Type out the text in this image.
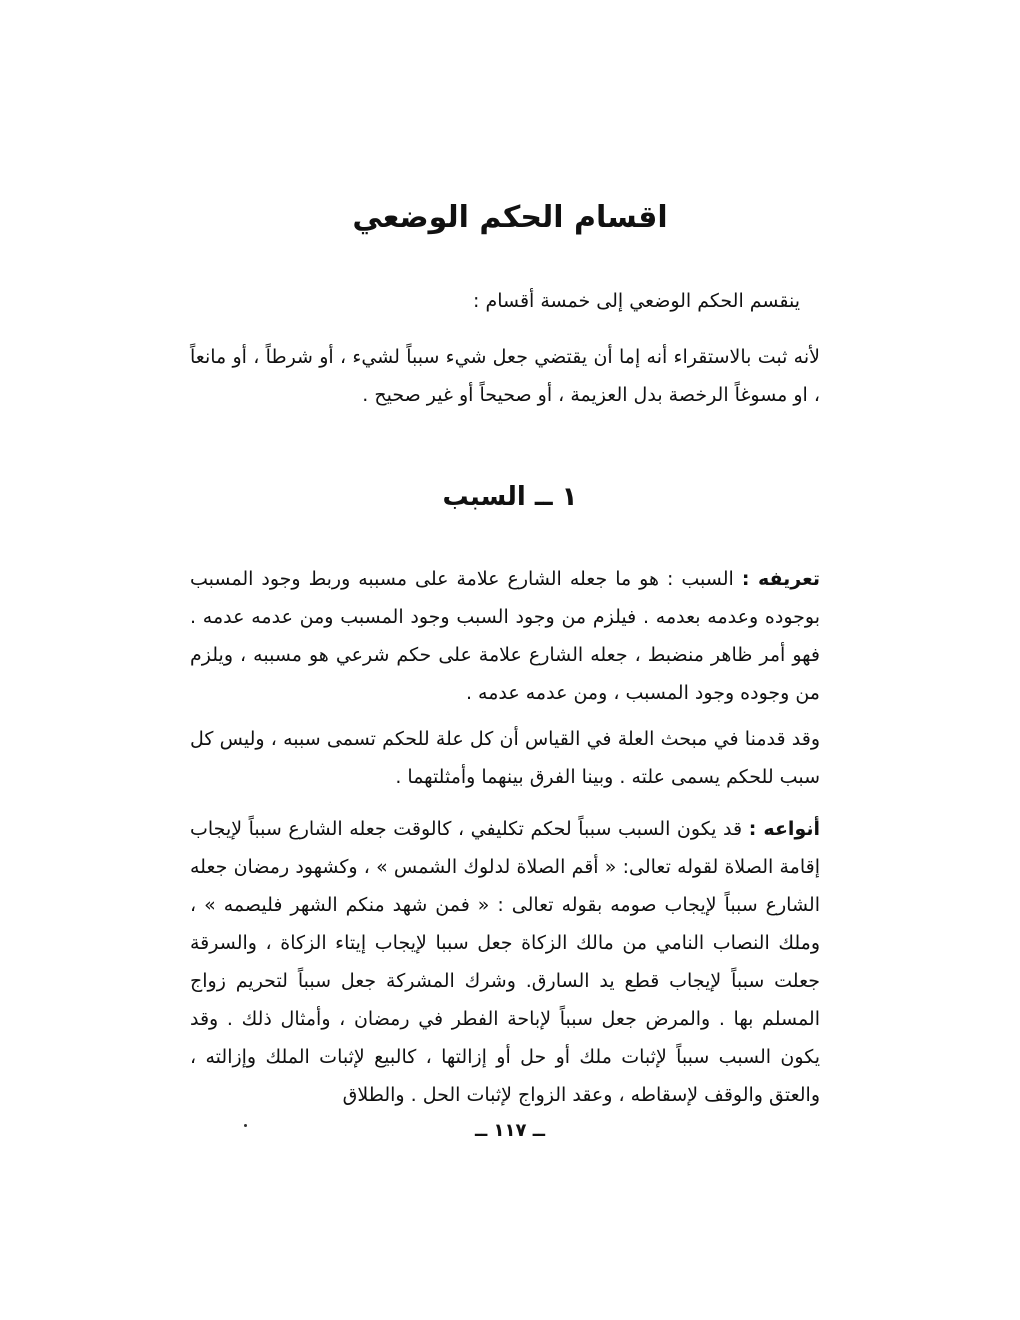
اقسام الحكم الوضعي
ينقسم الحكم الوضعي إلى خمسة أقسام :
لأنه ثبت بالاستقراء أنه إما أن يقتضي جعل شيء سبباً لشيء ، أو شرطاً ، أو مانعاً ، او مسوغاً الرخصة بدل العزيمة ، أو صحيحاً أو غير صحيح .
١ ــ السبب
تعريفه : السبب : هو ما جعله الشارع علامة على مسببه وربط وجود المسبب بوجوده وعدمه بعدمه . فيلزم من وجود السبب وجود المسبب ومن عدمه عدمه . فهو أمر ظاهر منضبط ، جعله الشارع علامة على حكم شرعي هو مسببه ، ويلزم من وجوده وجود المسبب ، ومن عدمه عدمه .
وقد قدمنا في مبحث العلة في القياس أن كل علة للحكم تسمى سببه ، وليس كل سبب للحكم يسمى علته . وبينا الفرق بينهما وأمثلتهما .
أنواعه : قد يكون السبب سبباً لحكم تكليفي ، كالوقت جعله الشارع سبباً لإيجاب إقامة الصلاة لقوله تعالى: « أقم الصلاة لدلوك الشمس » ، وكشهود رمضان جعله الشارع سبباً لإيجاب صومه بقوله تعالى : « فمن شهد منكم الشهر فليصمه » ، وملك النصاب النامي من مالك الزكاة جعل سببا لإيجاب إيتاء الزكاة ، والسرقة جعلت سبباً لإيجاب قطع يد السارق. وشرك المشركة جعل سبباً لتحريم زواج المسلم بها . والمرض جعل سبباً لإباحة الفطر في رمضان ، وأمثال ذلك . وقد يكون السبب سبباً لإثبات ملك أو حل أو إزالتها ، كالبيع لإثبات الملك وإزالته ، والعتق والوقف لإسقاطه ، وعقد الزواج لإثبات الحل . والطلاق
ــ ١١٧ ــ
